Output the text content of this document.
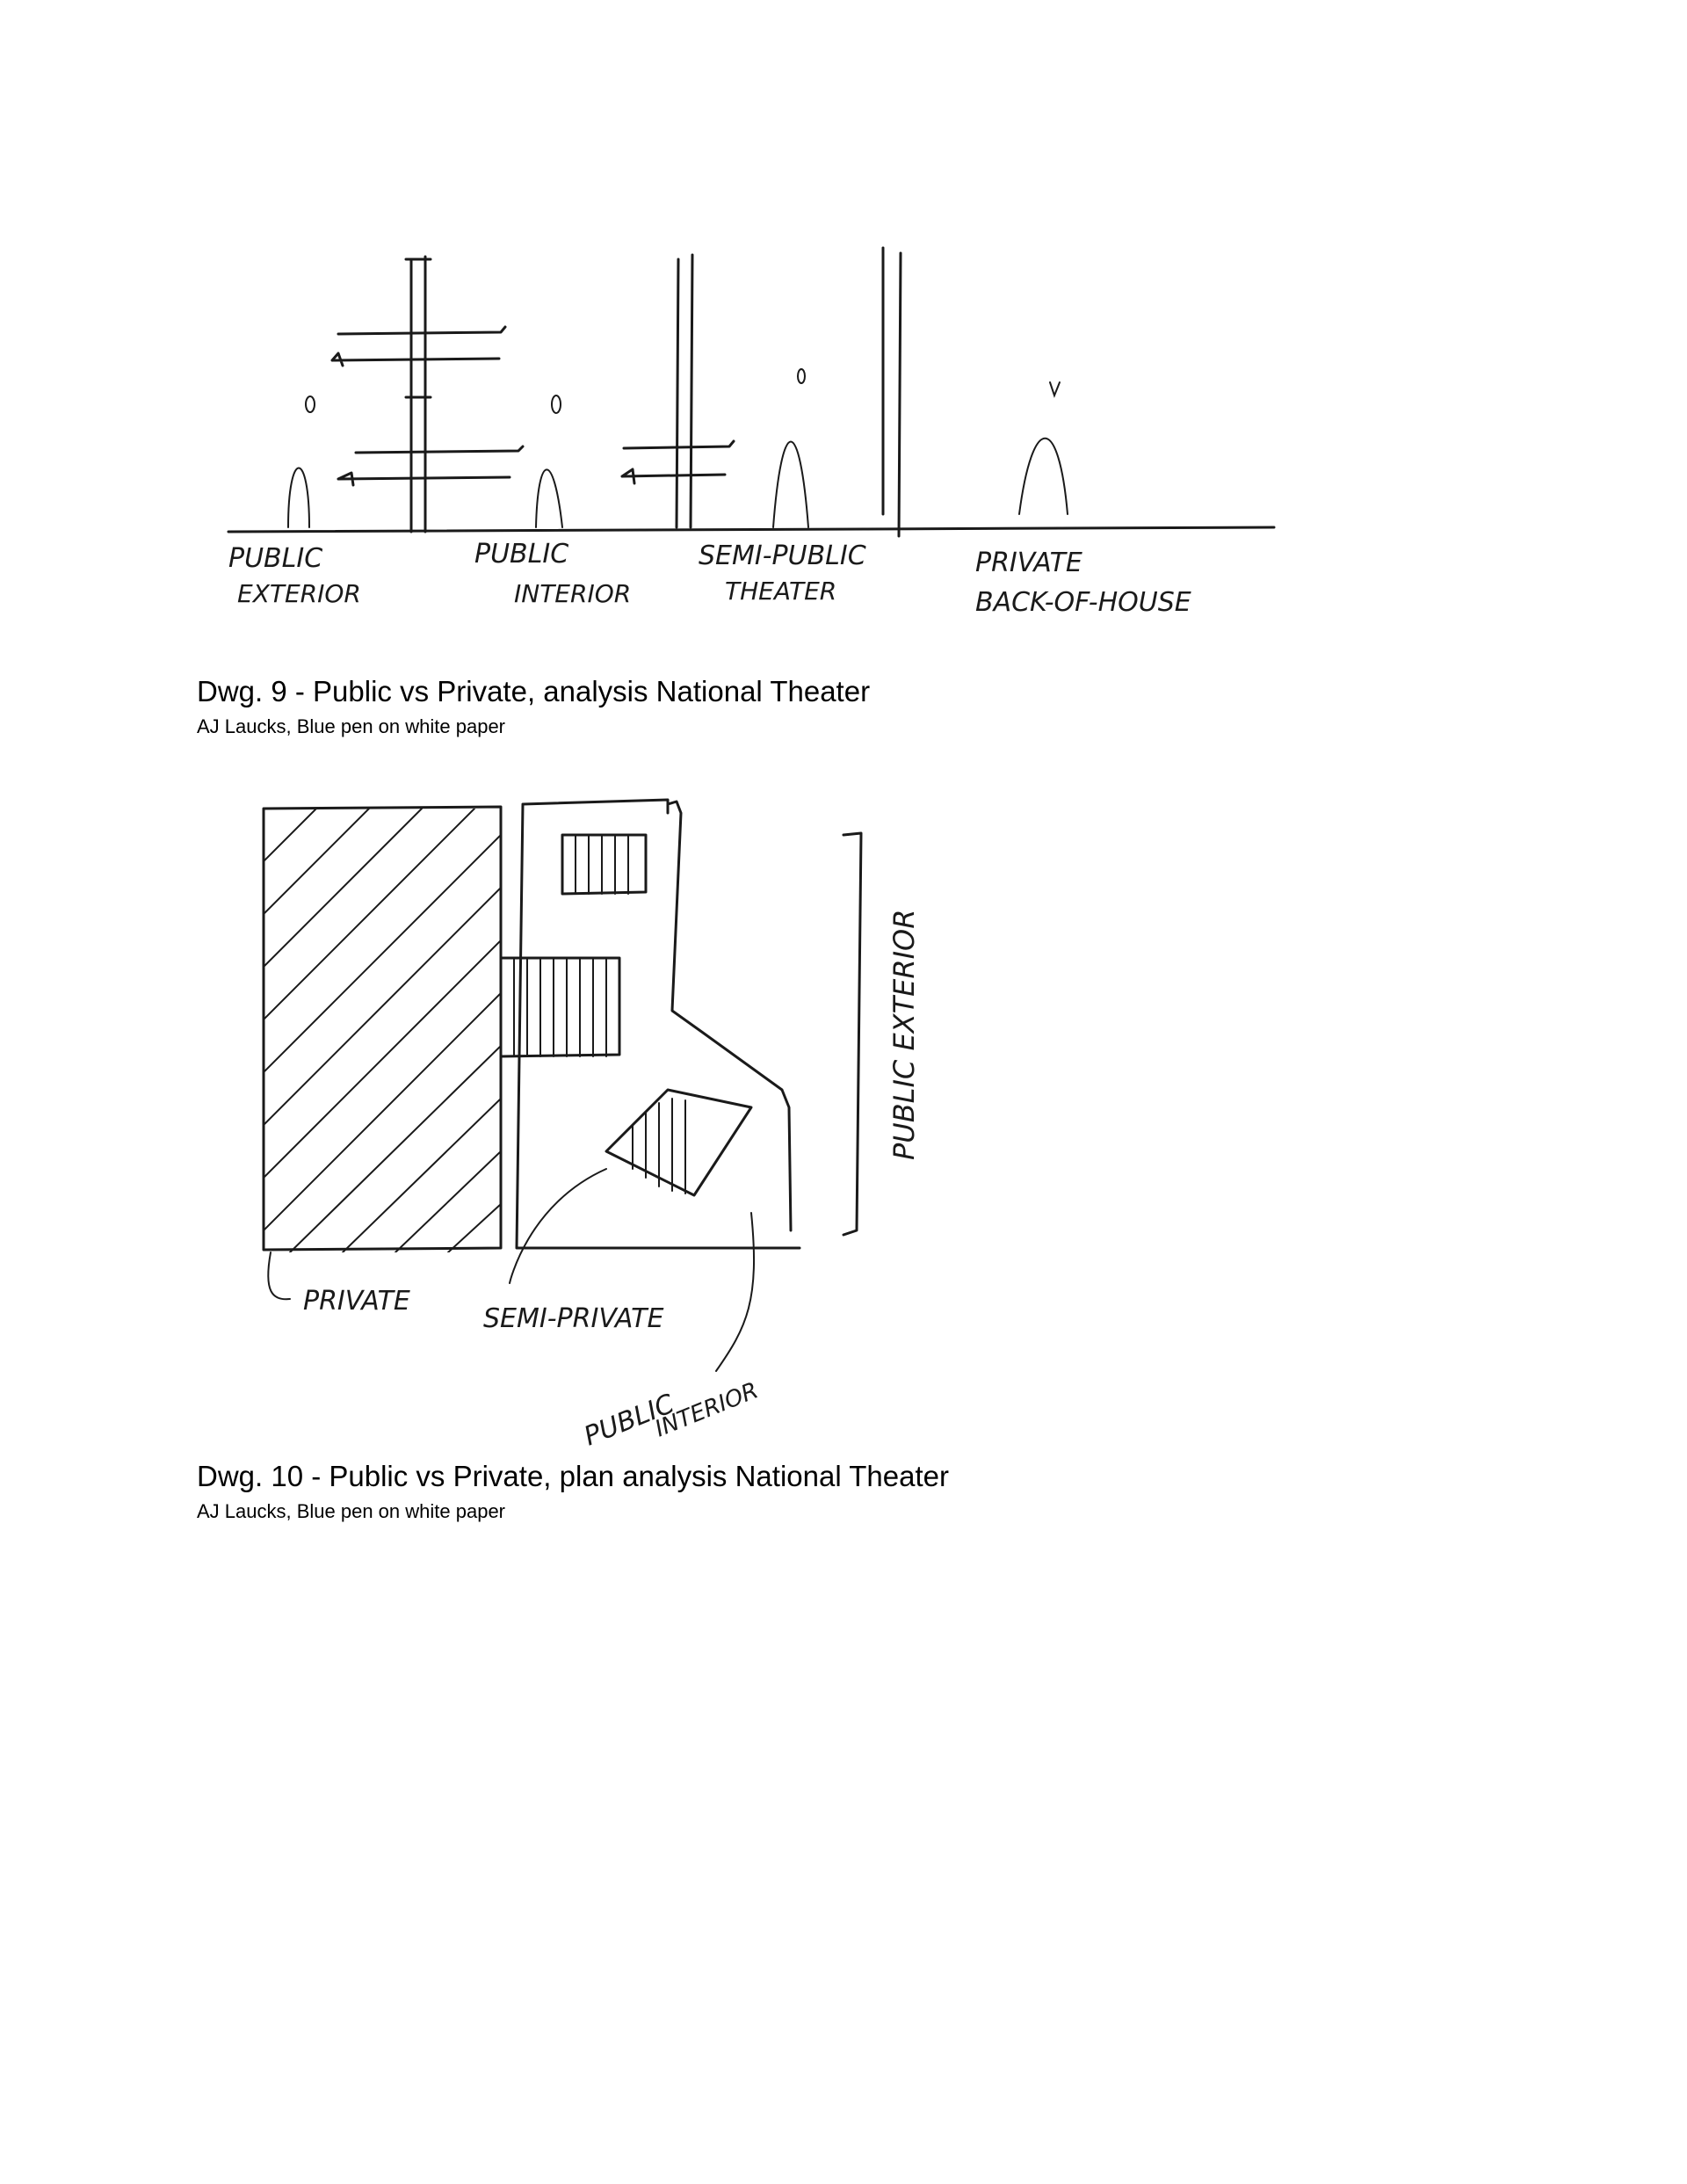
PUBLIC
EXTERIOR
PUBLIC
INTERIOR
SEMI-PUBLIC
THEATER
PRIVATE
BACK-OF-HOUSE
Dwg. 9 - Public vs Private, analysis National Theater
AJ Laucks, Blue pen on white paper
PRIVATE
SEMI-PRIVATE
PUBLIC
INTERIOR
PUBLIC EXTERIOR
Dwg. 10 - Public vs Private, plan analysis National Theater
AJ Laucks, Blue pen on white paper
